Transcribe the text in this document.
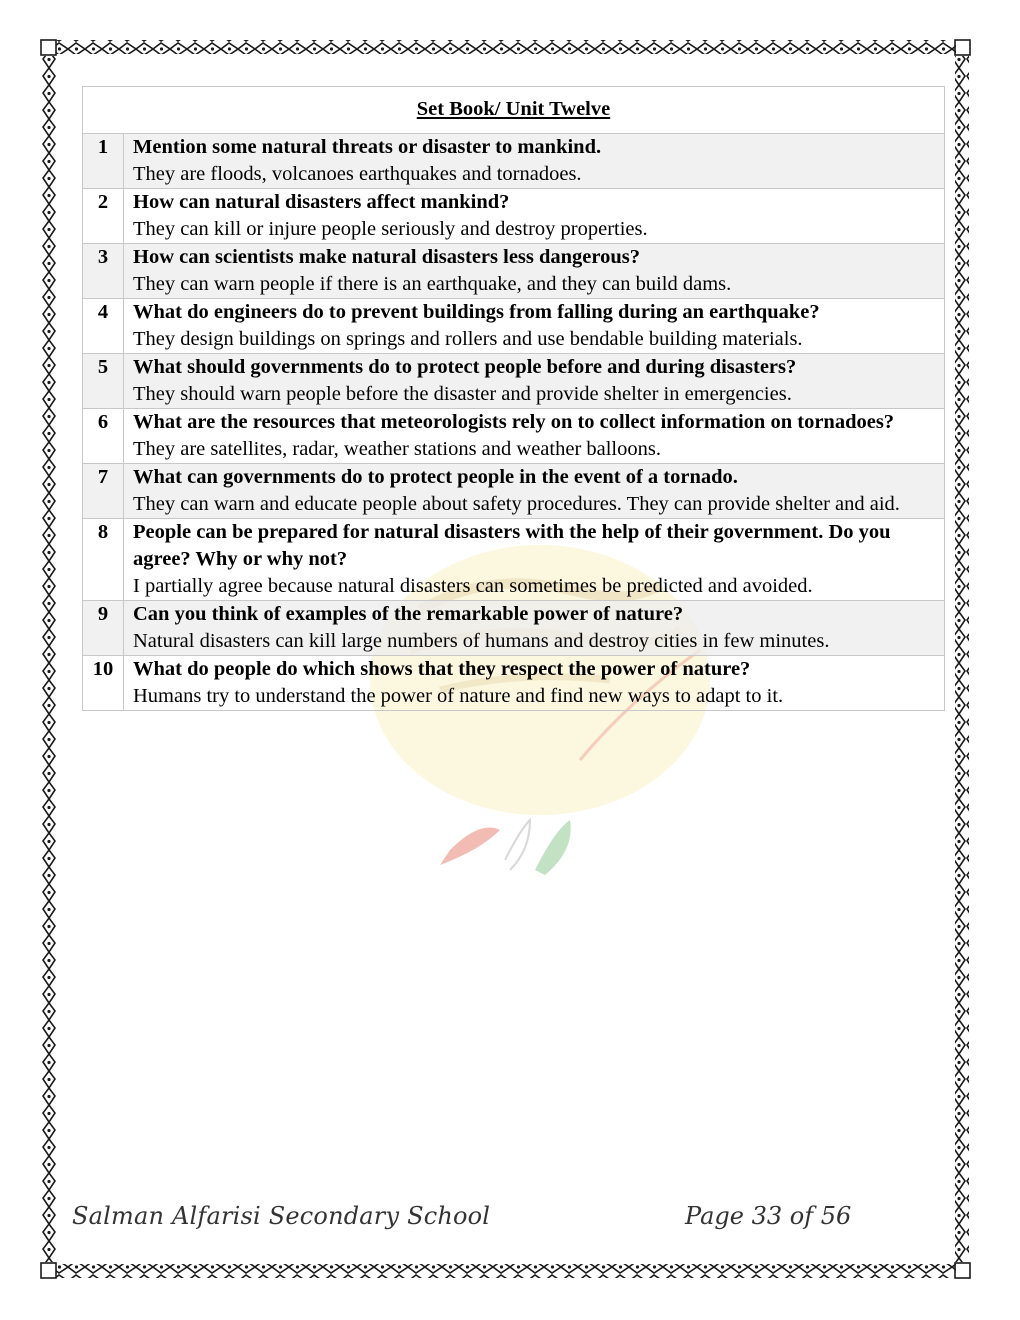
Set Book/ Unit Twelve	
1	Mention some natural threats or disaster to mankind.
They are floods, volcanoes earthquakes and tornadoes.

2	How can natural disasters affect mankind?
They can kill or injure people seriously and destroy properties.

3	How can scientists make natural disasters less dangerous?
They can warn people if there is an earthquake, and they can build dams.

4	What do engineers do to prevent buildings from falling during an earthquake?
They design buildings on springs and rollers and use bendable building materials.

5	What should governments do to protect people before and during disasters?
They should warn people before the disaster and provide shelter in emergencies.

6	What are the resources that meteorologists rely on to collect information on tornadoes?
They are satellites, radar, weather stations and weather balloons.

7	What can governments do to protect people in the event of a tornado.
They can warn and educate people about safety procedures. They can provide shelter and aid.

8	People can be prepared for natural disasters with the help of their government. Do you agree? Why or why not?
I partially agree because natural disasters can sometimes be predicted and avoided.

9	Can you think of examples of the remarkable power of nature?
Natural disasters can kill large numbers of humans and destroy cities in few minutes.

10	What do people do which shows that they respect the power of nature?
Humans try to understand the power of nature and find new ways to adapt to it.
Salman Alfarisi Secondary School	Page 33 of 56
